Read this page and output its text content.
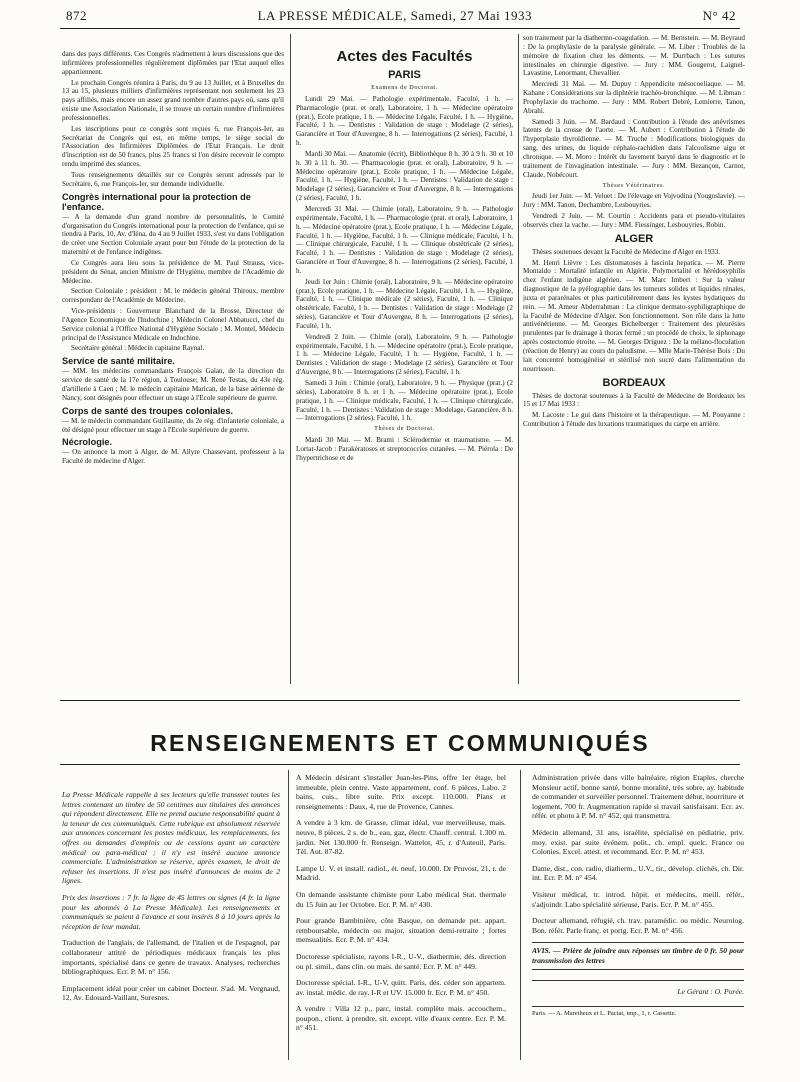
872	LA PRESSE MÉDICALE, Samedi, 27 Mai 1933	N° 42

dans des pays différents. Ces Congrès n'admettent à leurs discussions que des infirmières professionnelles régulièrement diplômées par l'Etat auquel elles appartiennent.

Le prochain Congrès réunira à Paris, du 9 au 13 Juillet, et à Bruxelles du 13 au 15, plusieurs milliers d'infirmières représentant non seulement les 23 pays affiliés, mais encore un assez grand nombre d'autres pays où, sans qu'il existe une Association Nationale, il se trouve un certain nombre d'infirmières professionnelles.

Les inscriptions pour ce congrès sont reçues 6, rue François-Ier, au Secrétariat du Congrès qui est, en même temps, le siège social de l'Association des Infirmières Diplômées de l'Etat Français. Le droit d'inscription est de 50 francs, plus 25 francs si l'on désire recevoir le compte rendu imprimé des séances.

Tous renseignements détaillés sur ce Congrès seront adressés par le Secrétaire, 6, rue François-Ier, sur demande individuelle.

Congrès international pour la protection de l'enfance.

— A la demande d'un grand nombre de personnalités, le Comité d'organisation du Congrès international pour la protection de l'enfance, qui se tiendra à Paris, 10, Av. d'Iéna, du 4 au 9 Juillet 1933, s'est vu dans l'obligation de créer une Section Coloniale ayant pour but l'étude de la protection de la maternité et de l'enfance indigènes.

Ce Congrès aura lieu sous la présidence de M. Paul Strauss, vice-président du Sénat, ancien Ministre de l'Hygiène, membre de l'Académie de Médecine.

Section Coloniale : président : M. le médecin général Thiroux, membre correspondant de l'Académie de Médecine.

Vice-présidents : Gouverneur Blanchard de la Brosse, Directeur de l'Agence Economique de l'Indochine ; Médecin Colonel Abbatucci, chef du Service colonial à l'Office National d'Hygiène Sociale ; M. Montel, Médecin principal de l'Assistance Médicale en Indochine.

Secrétaire général : Médecin capitaine Raynal.

Service de santé militaire.

— MM. les médecins commandants François Galan, de la direction du service de santé de la 17e région, à Toulouse; M. René Testas, du 43e rég. d'artillerie à Caen ; M. le médecin capitaine Marican, de la base aérienne de Nancy, sont désignés pour effectuer un stage à l'Ecole supérieure de guerre.

Corps de santé des troupes coloniales.

— M. le médecin commandant Guillaume, du 2e rég. d'infanterie coloniale, a été désigné pour effectuer un stage à l'Ecole supérieure de guerre.

Nécrologie.

— On annonce la mort à Alger, de M. Allyre Chassevant, professeur à la Faculté de médecine d'Alger.

Actes des Facultés
PARIS

Examens de Doctorat.

Lundi 29 Mai. — Pathologie expérimentale, Faculté, 1 h. — Pharmacologie (prat. et oral), Laboratoire, 1 h. — Médecine opératoire (prat.), Ecole pratique, 1 h. — Médecine Légale, Faculté, 1 h. — Hygiène, Faculté, 1 h. — Dentistes : Validation de stage : Modelage (2 séries), Garancière et Tour d'Auvergne, 8 h. — Interrogations (2 séries), Faculté, 1 h.

Mardi 30 Mai. — Anatomie (écrit), Bibliothèque 8 h. 30 à 9 h. 30 et 10 h. 30 à 11 h. 30. — Pharmacologie (prat. et oral), Laboratoire, 9 h. — Médecine opératoire (prat.), Ecole pratique, 1 h. — Médecine Légale, Faculté, 1 h. — Hygiène, Faculté, 1 h. — Dentistes : Validation de stage : Modelage (2 séries), Garancière et Tour d'Auvergne, 8 h. — Interrogations (2 séries), Faculté, 1 h.

Mercredi 31 Mai. — Chimie (oral), Laboratoire, 9 h. — Pathologie expérimentale, Faculté, 1 h. — Pharmacologie (prat. et oral), Laboratoire, 1 h. — Médecine opératoire (prat.), Ecole pratique, 1 h. — Médecine Légale, Faculté, 1 h. — Hygiène, Faculté, 1 h. — Clinique médicale, Faculté, 1 h. — Clinique chirurgicale, Faculté, 1 h. — Clinique obstétricale (2 séries), Faculté, 1 h. — Dentistes : Validation de stage : Modelage (2 séries), Garancière et Tour d'Auvergne, 8 h. — Interrogations (2 séries), Faculté, 1 h.

Jeudi 1er Juin : Chimie (oral), Laboratoire, 9 h. — Médecine opératoire (prat.), Ecole pratique, 1 h. — Médecine Légale, Faculté, 1 h. — Hygiène, Faculté, 1 h. — Clinique médicale (2 séries), Faculté, 1 h. — Clinique obstétricale, Faculté, 1 h. — Dentistes : Validation de stage : Modelage (2 séries), Garancière et Tour d'Auvergne, 8 h. — Interrogations (2 séries), Faculté, 1 h.

Vendredi 2 Juin. — Chimie (oral), Laboratoire, 9 h. — Pathologie expérimentale, Faculté, 1 h. — Médecine opératoire (prat.), Ecole pratique, 1 h. — Médecine Légale, Faculté, 1 h. — Hygiène, Faculté, 1 h. — Dentistes : Validation de stage : Modelage (2 séries), Garancière et Tour d'Auvergne, 8 h. — Interrogations (2 séries), Faculté, 1 h.

Samedi 3 Juin : Chimie (oral), Laboratoire, 9 h. — Physique (prat.) (2 séries), Laboratoire 8 h. et 1 h. — Médecine opératoire (prat.), Ecole pratique, 1 h. — Clinique médicale, Faculté, 1 h. — Clinique chirurgicale, Faculté, 1 h. — Dentistes : Validation de stage : Modelage, Garancière, 8 h. — Interrogations (2 séries), Faculté, 1 h.

Thèses de Doctorat.

Mardi 30 Mai. — M. Brami : Sclérodermie et traumatisme. — M. Lortat-Jacob : Parakératoses et streptococcies cutanées. — M. Piérola : De l'hypertrichose et de

son traitement par la diathermo-coagulation. — M. Bernstein. — M. Beyraud : De la prophylaxie de la paralysie générale. — M. Liber : Troubles de la mémoire de fixation chez les déments. — M. Durrbach : Les sutures intestinales en chirurgie digestive. — Jury : MM. Gougerot, Laignel-Lavastine, Lenormant, Chevallier.

Mercredi 31 Mai. — M. Dupuy : Appendicite mésocoeliaque. — M. Kahane : Considérations sur la diphtérie trachéo-bronchique. — M. Libman : Prophylaxie du trachome. — Jury : MM. Robert Debré, Lemierre, Tanon, Abrahi.

Samedi 3 Juin. — M. Bardaud : Contribution à l'étude des anévrismes latents de la crosse de l'aorte. — M. Aubert : Contribution à l'étude de l'hyperplasie thyroïdienne. — M. Truche : Modifications biologiques du sang, des urines, du liquide céphalo-rachidien dans l'alcoolisme aigu et chronique. — M. Moro : Intérêt du lavement baryté dans le diagnostic et le traitement de l'invagination intestinale. — Jury : MM. Bezançon, Carnot, Claude, Nobécourt.

Thèses Vétérinaires.

Jeudi 1er Juin. — M. Veluet : De l'élevage en Vojvodina (Yougoslavie). — Jury : MM. Tanon, Dechambre, Lesbouyries.

Vendredi 2 Juin. — M. Courtin : Accidents para et pseudo-vitulaires observés chez la vache. — Jury : MM. Fiessinger, Lesbouyries, Robin.

ALGER

Thèses soutenues devant la Faculté de Médecine d'Alger en 1933.

M. Henri Lièvre : Les distomatoses à fasciola hepatica. — M. Pierre Montaldo : Mortalité infantile en Algérie. Polymortalité et hérédosyphilis chez l'enfant indigène algérien. — M. Marc Imbert : Sur la valeur diagnostique de la pyélographie dans les tumeurs solides et liquides rénales, juxta et pararénales et plus particulièrement dans les kystes hydatiques du rein. — M. Ameur Abderrahman : La clinique dermato-syphiligraphique de la Faculté de Médecine d'Alger. Son fonctionnement. Son rôle dans la lutte antivénérienne. — M. Georges Bichelberger : Traitement des pleurésies purulentes par le drainage à thorax fermé ; un procédé de choix, le siphonage après costectomie étroite. — M. Georges Driguez : De la mélano-floculation (réaction de Henry) au cours du paludisme. — Mlle Marie-Thérèse Bois : Du lait concentré homogénéisé et stérilisé non sucré dans l'alimentation du nourrisson.

BORDEAUX

Thèses de doctorat soutenues à la Faculté de Médecine de Bordeaux les 15 et 17 Mai 1933 :

M. Lacoste : Le gui dans l'histoire et la thérapeutique. — M. Pouyanne : Contribution à l'étude des luxations traumatiques du carpe en arrière.

RENSEIGNEMENTS ET COMMUNIQUÉS

La Presse Médicale rappelle à ses lecteurs qu'elle transmet toutes les lettres contenant un timbre de 50 centimes aux titulaires des annonces qui répondent directement. Elle ne prend aucune responsabilité quant à la teneur de ces communiqués. Cette rubrique est absolument réservée aux annonces concernant les postes médicaux, les remplacements, les offres ou demandes d'emplois ou de cessions ayant un caractère médical ou para-médical ; il n'y est inséré aucune annonce commerciale. L'administration se réserve, après examen, le droit de refuser les insertions. Il n'est pas inséré d'annonces de moins de 2 lignes.

Prix des insertions : 7 fr. la ligne de 45 lettres ou signes (4 fr. la ligne pour les abonnés à La Presse Médicale). Les renseignements et communiqués se paient à l'avance et sont insérés 8 à 10 jours après la réception de leur mandat.

Traduction de l'anglais, de l'allemand, de l'italien et de l'espagnol, par collaborateur attitré de périodiques médicaux français les plus importants, spécialisé dans ce genre de travaux. Analyses, recherches bibliographiques. Ecr. P. M. n° 156.

Emplacement idéal pour créer un cabinet Docteur. S'ad. M. Vergnaud, 12, Av. Edouard-Vaillant, Suresnes.

A Médecin désirant s'installer Juan-les-Pins, offre 1er étage, bel immeuble, plein centre. Vaste appartement, conf. 6 pièces, Labo. 2 bains, cuis., libre suite. Prix except. 110.000. Plans et renseignements : Daux, 4, rue de Provence, Cannes.

A vendre à 3 km. de Grasse, climat idéal, vue merveilleuse, mais. neuve, 8 pièces, 2 s. de b., eau, gaz, électr. Chauff. central. 1.300 m. jardin. Net 130.000 fr. Renseign. Wattelot, 45, r. d'Auteuil, Paris. Tél. Aut. 87-82.

Lampe U. V. et install. radiol., ét. neuf, 10.000. Dr Pruvost, 21, r. de Madrid.

On demande assistante chimiste pour Labo médical Stat. thermale du 15 Juin au 1er Octobre. Ecr. P. M. n° 430.

Pour grande Bambinière, côte Basque, on demande pet. appart. remboursable, médecin ou major, situation demi-retraite ; fortes mensualités. Ecr. P. M. n° 434.

Doctoresse spécialiste, rayons I-R., U-V., diathermie, dés. direction ou pl. simil., dans clin. ou mais. de santé. Ecr. P. M. n° 449.

Doctoresse spécial. I-R., U-V, quitt. Paris, dés. céder son appartem. av. instal. médic. de ray. I-R et UV. 15.000 fr. Ecr. P. M. n° 450.

A vendre : Villa 12 p., parc, instal. complète mais. accouchem., poupon., client. à prendre, sit. except. ville d'eaux centre. Ecr. P. M. n° 451.

Administration privée dans ville balnéaire, région Etaples, cherche Monsieur actif, bonne santé, bonne moralité, très sobre, ay. habitude de commander et surveiller personnel. Traitement début, nourriture et logement, 700 fr. Augmentation rapide si travail satisfaisant. Ecr. av. référ. et photo à P. M. n° 452, qui transmettra.

Médecin allemand, 31 ans, israélite, spécialisé en pédiatrie, priv. moy. exist. par suite événem. polit., ch. empl. quelc. France ou Colonies. Excel. attest. et recommand. Ecr. P. M. n° 453.

Dame, dist., con. radio, diatherm., U.V., tir., dévelop. clichés, ch. Dir. int. Ecr. P. M. n° 454.

Visiteur médical, tr. introd. hôpit. et médecins, meill. référ., s'adjoindr. Labo spécialité sérieuse, Paris. Ecr. P. M. n° 455.

Docteur allemand, réfugié, ch. trav. paramédic. ou médic. Neurolog. Bon. référ. Parle franç. et portg. Ecr. P. M. n° 456.

AVIS. — Prière de joindre aux réponses un timbre de 0 fr. 50 pour transmission des lettres
Le Gérant : O. Porée.
Paris. — A. Maretheux et L. Pactat, imp., 1, r. Cassette.
